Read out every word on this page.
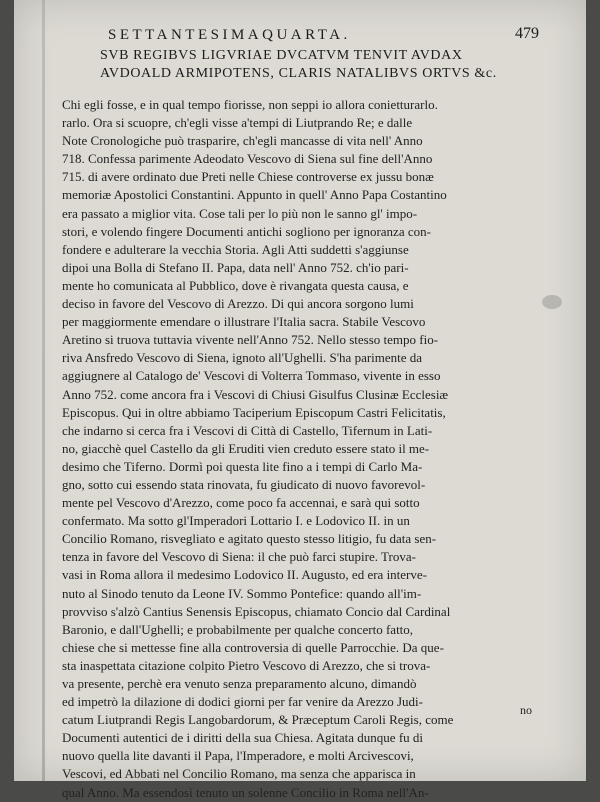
SETTANTESIMAQUARTA.	479
SVB REGIBVS LIGVRIAE DVCATVM TENVIT AVDAX
AVDOALD ARMIPOTENS, CLARIS NATALIBVS ORTVS &c.
Chi egli fosse, e in qual tempo fiorisse, non seppi io allora conietturarlo.
rarlo. Ora si scuopre, ch'egli visse a'tempi di Liutprando Re; e dalle
Note Cronologiche può trasparire, ch'egli mancasse di vita nell' Anno
718. Confessa parimente Adeodato Vescovo di Siena sul fine dell'Anno
715. di avere ordinato due Preti nelle Chiese controverse ex jussu bonæ
memoriæ Apostolici Constantini. Appunto in quell' Anno Papa Costantino
era passato a miglior vita. Cose tali per lo più non le sanno gl' impo-
stori, e volendo fingere Documenti antichi sogliono per ignoranza con-
fondere e adulterare la vecchia Storia. Agli Atti suddetti s'aggiunse
dipoi una Bolla di Stefano II. Papa, data nell' Anno 752. ch'io pari-
mente ho comunicata al Pubblico, dove è rivangata questa causa, e
deciso in favore del Vescovo di Arezzo. Di qui ancora sorgono lumi
per maggiormente emendare o illustrare l'Italia sacra. Stabile Vescovo
Aretino si truova tuttavia vivente nell'Anno 752. Nello stesso tempo fio-
riva Ansfredo Vescovo di Siena, ignoto all'Ughelli. S'ha parimente da
aggiugnere al Catalogo de' Vescovi di Volterra Tommaso, vivente in esso
Anno 752. come ancora fra i Vescovi di Chiusi Gisulfus Clusinæ Ecclesiæ
Episcopus. Qui in oltre abbiamo Taciperium Episcopum Castri Felicitatis,
che indarno si cerca fra i Vescovi di Città di Castello, Tifernum in Lati-
no, giacchè quel Castello da gli Eruditi vien creduto essere stato il me-
desimo che Tiferno. Dormì poi questa lite fino a i tempi di Carlo Ma-
gno, sotto cui essendo stata rinovata, fu giudicato di nuovo favorevol-
mente pel Vescovo d'Arezzo, come poco fa accennai, e sarà qui sotto
confermato. Ma sotto gl'Imperadori Lottario I. e Lodovico II. in un
Concilio Romano, risvegliato e agitato questo stesso litigio, fu data sen-
tenza in favore del Vescovo di Siena: il che può farci stupire. Trova-
vasi in Roma allora il medesimo Lodovico II. Augusto, ed era interve-
nuto al Sinodo tenuto da Leone IV. Sommo Pontefice: quando all'im-
provviso s'alzò Cantius Senensis Episcopus, chiamato Concio dal Cardinal
Baronio, e dall'Ughelli; e probabilmente per qualche concerto fatto,
chiese che si mettesse fine alla controversia di quelle Parrocchie. Da que-
sta inaspettata citazione colpito Pietro Vescovo di Arezzo, che si trova-
va presente, perchè era venuto senza preparamento alcuno, dimandò
ed impetrò la dilazione di dodici giorni per far venire da Arezzo Judi-
catum Liutprandi Regis Langobardorum, & Præceptum Caroli Regis, come
Documenti autentici de i diritti della sua Chiesa. Agitata dunque fu di
nuovo quella lite davanti il Papa, l'Imperadore, e molti Arcivescovi,
Vescovi, ed Abbati nel Concilio Romano, ma senza che apparisca in
qual Anno. Ma essendosi tenuto un solenne Concilio in Roma nell'An-
no
